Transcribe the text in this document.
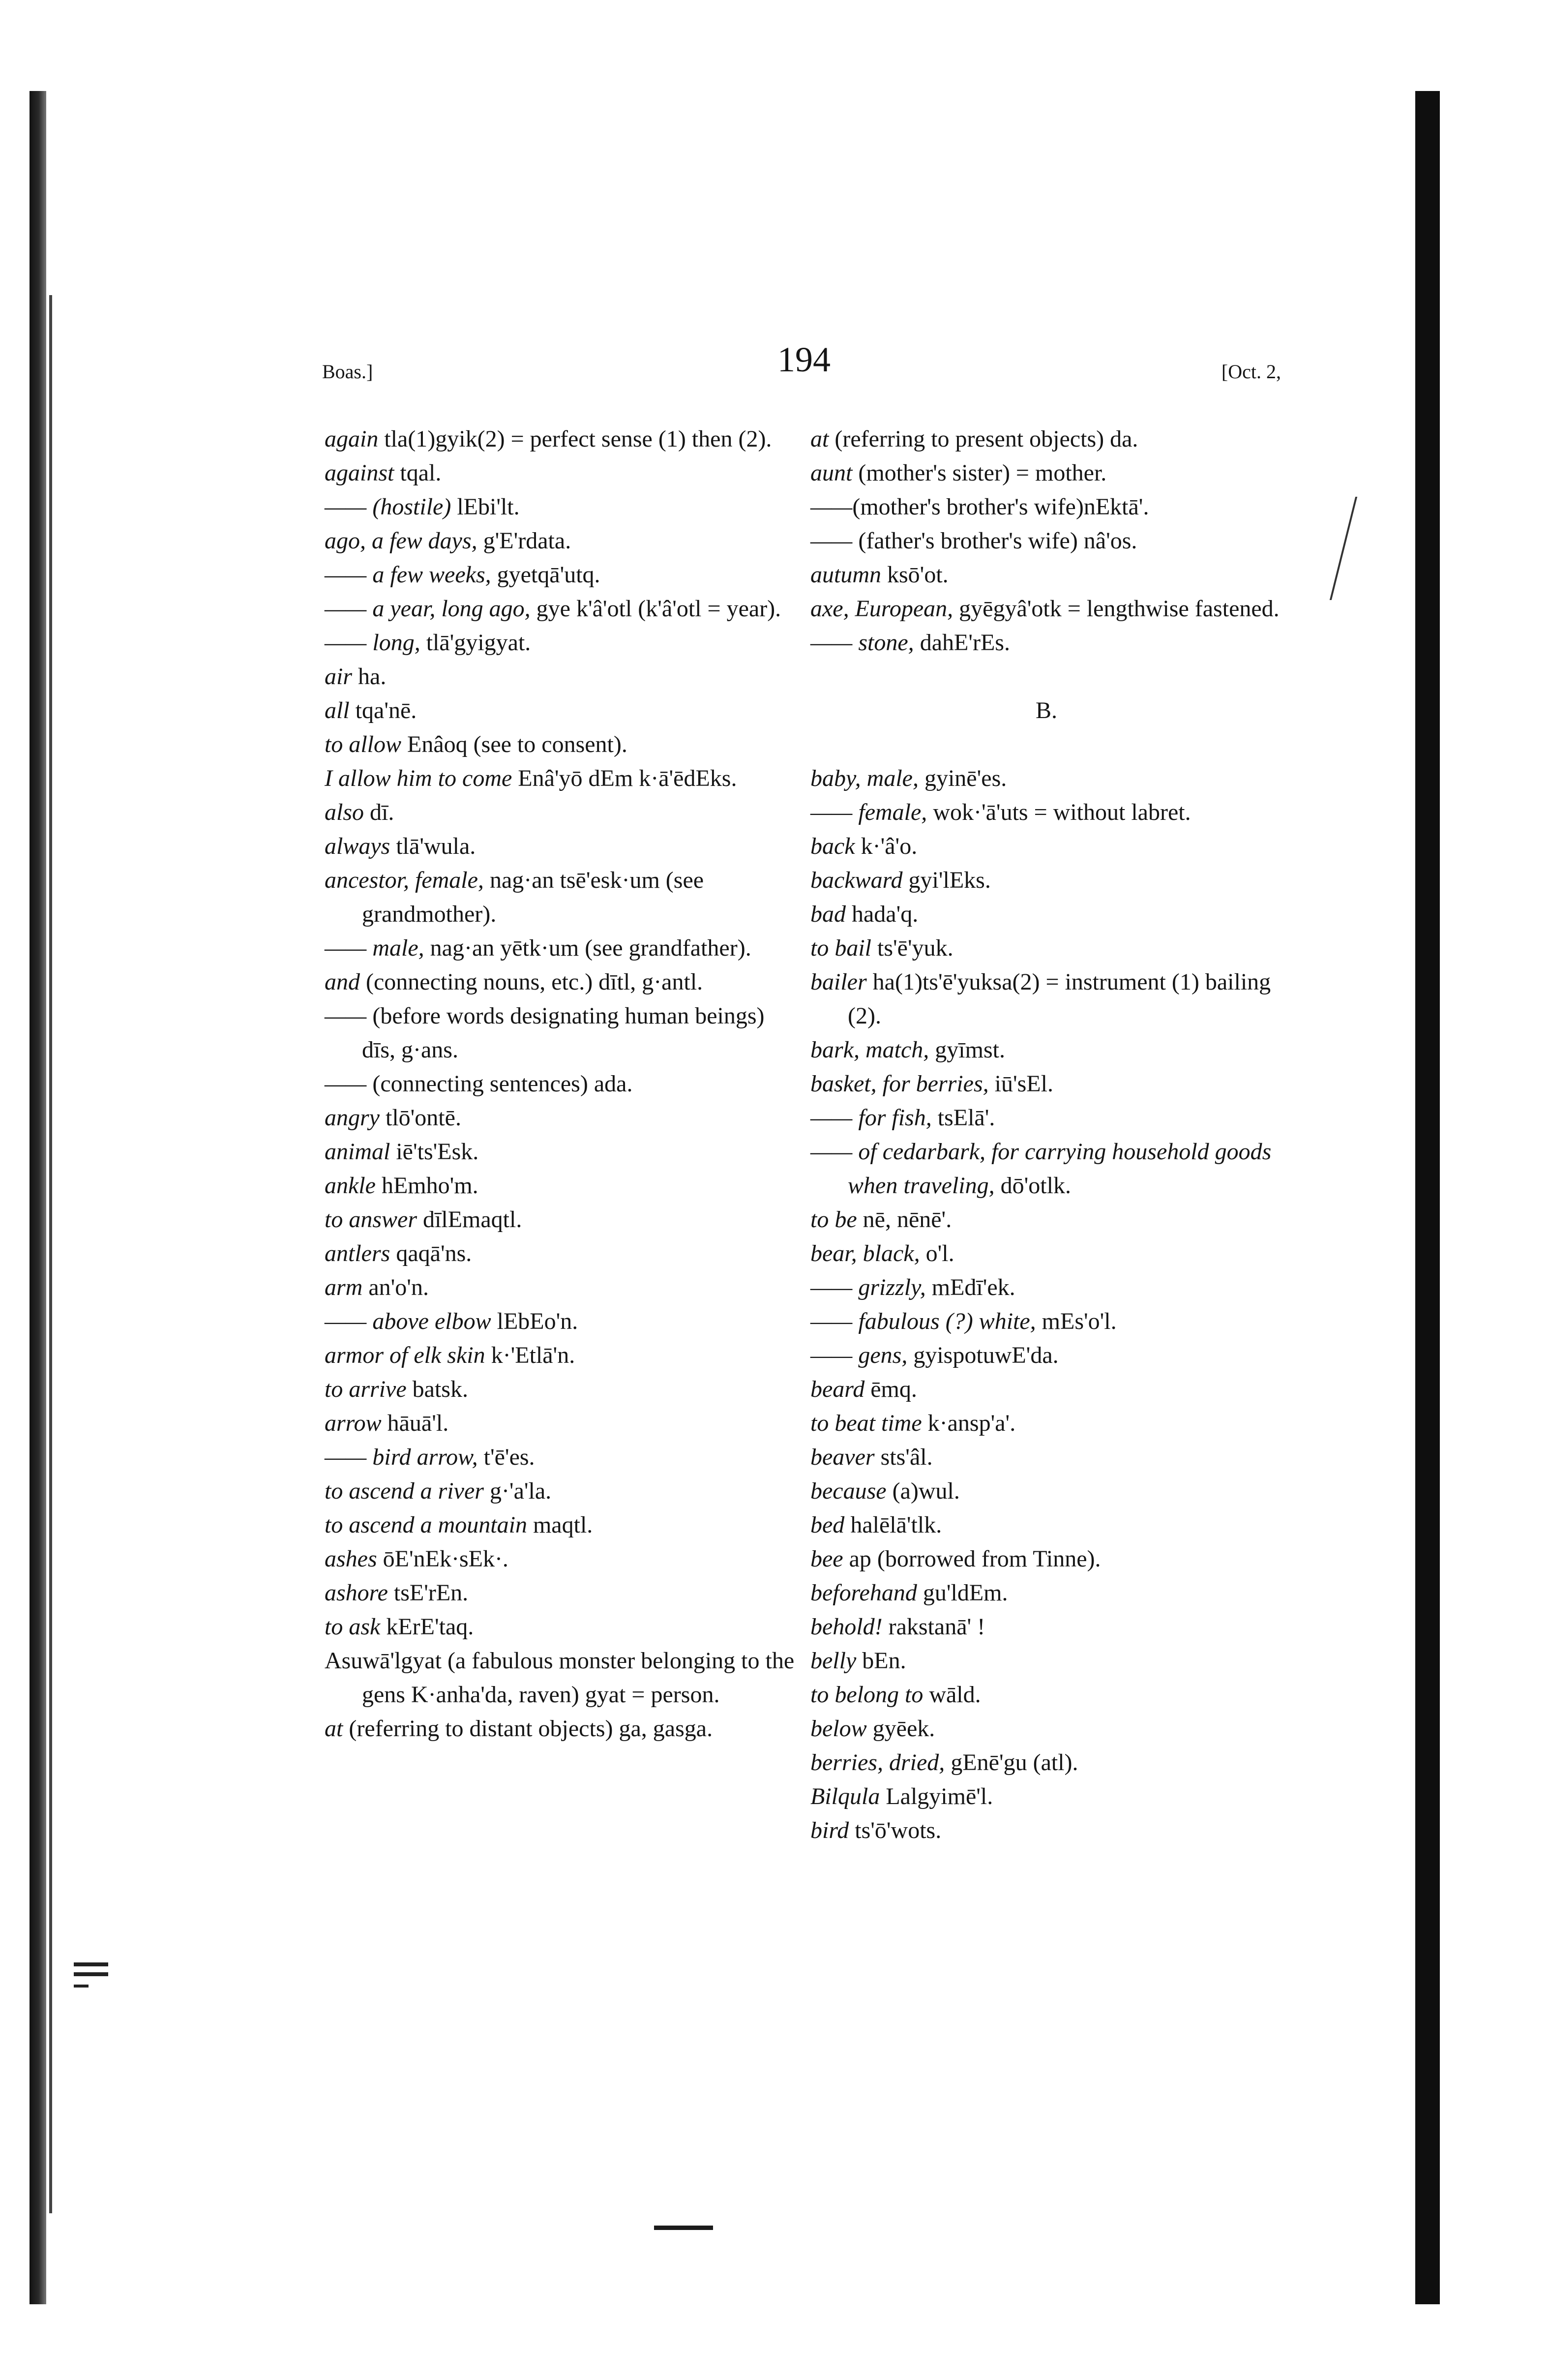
Boas.]	194	[Oct. 2,
again tla(1)gyik(2) = perfect sense (1) then (2).
against tqal.
—— (hostile) lEbi'lt.
ago, a few days, g'E'rdata.
—— a few weeks, gyetqā'utq.
—— a year, long ago, gye k'â'otl (k'â'otl = year).
—— long, tlā'gyigyat.
air ha.
all tqa'nē.
to allow Enâoq (see to consent).
I allow him to come Enâ'yō dEm k·ā'ēdEks.
also dī.
always tlā'wula.
ancestor, female, nag·an tsē'esk·um (see grandmother).
—— male, nag·an yētk·um (see grandfather).
and (connecting nouns, etc.) dītl, g·antl.
—— (before words designating human beings) dīs, g·ans.
—— (connecting sentences) ada.
angry tlō'ontē.
animal iē'ts'Esk.
ankle hEmho'm.
to answer dīlEmaqtl.
antlers qaqā'ns.
arm an'o'n.
—— above elbow lEbEo'n.
armor of elk skin k·'Etlā'n.
to arrive batsk.
arrow hāuā'l.
—— bird arrow, t'ē'es.
to ascend a river g·'a'la.
to ascend a mountain maqtl.
ashes ōE'nEk·sEk·.
ashore tsE'rEn.
to ask kErE'taq.
Asuwā'lgyat (a fabulous monster belonging to the gens K·anha'da, raven) gyat = person.
at (referring to distant objects) ga, gasga.
at (referring to present objects) da.
aunt (mother's sister) = mother.
——(mother's brother's wife)nEktā'.
—— (father's brother's wife) nâ'os.
autumn ksō'ot.
axe, European, gyēgyâ'otk = lengthwise fastened.
—— stone, dahE'rEs.
B.
baby, male, gyinē'es.
—— female, wok·'ā'uts = without labret.
back k·'â'o.
backward gyi'lEks.
bad hada'q.
to bail ts'ē'yuk.
bailer ha(1)ts'ē'yuksa(2) = instrument (1) bailing (2).
bark, match, gyīmst.
basket, for berries, iū'sEl.
—— for fish, tsElā'.
—— of cedarbark, for carrying household goods when traveling, dō'otlk.
to be nē, nēnē'.
bear, black, o'l.
—— grizzly, mEdī'ek.
—— fabulous (?) white, mEs'o'l.
—— gens, gyispotuwE'da.
beard ēmq.
to beat time k·ansp'a'.
beaver sts'âl.
because (a)wul.
bed halēlā'tlk.
bee ap (borrowed from Tinne).
beforehand gu'ldEm.
behold! rakstanā' !
belly bEn.
to belong to wāld.
below gyēek.
berries, dried, gEnē'gu (atl).
Bilqula Lalgyimē'l.
bird ts'ō'wots.
